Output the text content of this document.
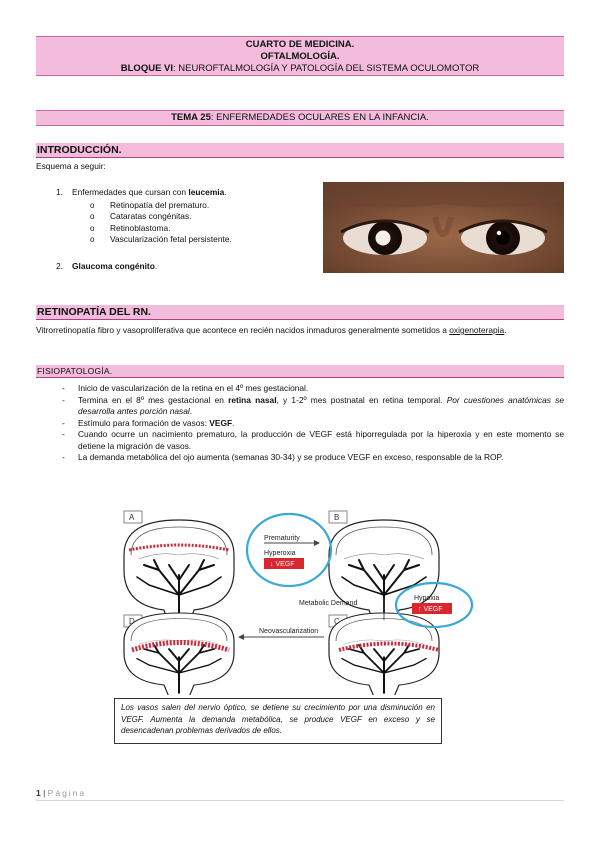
CUARTO DE MEDICINA.
OFTALMOLOGÍA.
BLOQUE VI: NEUROFTALMOLOGÍA Y PATOLOGÍA DEL SISTEMA OCULOMOTOR
TEMA 25: ENFERMEDADES OCULARES EN LA INFANCIA.
INTRODUCCIÓN.
Esquema a seguir:
1. Enfermedades que cursan con leucemia.
o Retinopatía del prematuro.
o Cataratas congénitas.
o Retinoblastoma.
o Vascularización fetal persistente.
2. Glaucoma congénito.
RETINOPATÍA DEL RN.
Vitrorretinopatía fibro y vasoproliferativa que acontece en recién nacidos inmaduros generalmente sometidos a oxigenoterapia.
FISIOPATOLOGÍA.
- Inicio de vascularización de la retina en el 4º mes gestacional.
- Termina en el 8º mes gestacional en retina nasal, y 1-2º mes postnatal en retina temporal. Por cuestiones anatómicas se desarrolla antes porción nasal.
- Estímulo para formación de vasos: VEGF.
- Cuando ocurre un nacimiento prematuro, la producción de VEGF está hiporregulada por la hiperoxia y en este momento se detiene la migración de vasos.
- La demanda metabólica del ojo aumenta (semanas 30-34) y se produce VEGF en exceso, responsable de la ROP.
A	B
D	C
Prematurity
Hyperoxia
↓ VEGF
Metabolic Demand
Hypoxia
↑ VEGF
Neovascularization
Los vasos salen del nervio óptico, se detiene su crecimiento por una disminución en VEGF. Aumenta la demanda metabólica, se produce VEGF en exceso y se desencadenan problemas derivados de ellos.
1 | Página
